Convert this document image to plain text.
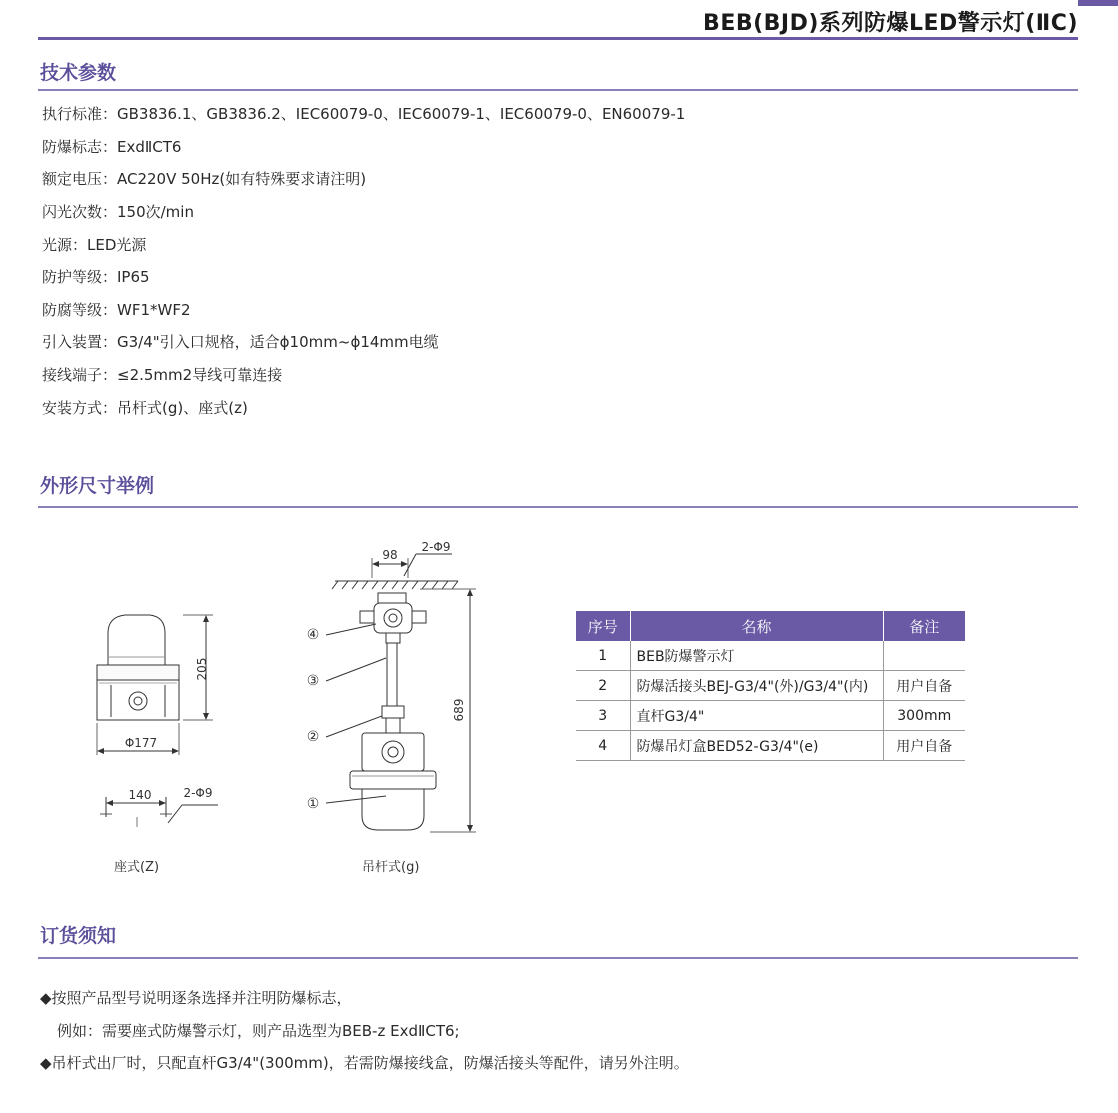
BEB(BJD)系列防爆LED警示灯(ⅡC)
技术参数
执行标准：GB3836.1、GB3836.2、IEC60079-0、IEC60079-1、IEC60079-0、EN60079-1
防爆标志：ExdⅡCT6
额定电压：AC220V 50Hz(如有特殊要求请注明)
闪光次数：150次/min
光源：LED光源
防护等级：IP65
防腐等级：WF1*WF2
引入装置：G3/4"引入口规格，适合ϕ10mm~ϕ14mm电缆
接线端子：≤2.5mm2导线可靠连接
安装方式：吊杆式(g)、座式(z)
外形尺寸举例
205
Φ177
140	2-Φ9
座式(Z)
98
2-Φ9
689
④
③
②
①
吊杆式(g)
序号	名称	备注
1	BEB防爆警示灯	
2	防爆活接头BEJ-G3/4"(外)/G3/4"(内)	用户自备
3	直杆G3/4"	300mm
4	防爆吊灯盒BED52-G3/4"(e)	用户自备
订货须知
◆按照产品型号说明逐条选择并注明防爆标志，
例如：需要座式防爆警示灯，则产品选型为BEB-z ExdⅡCT6;
◆吊杆式出厂时，只配直杆G3/4"(300mm)，若需防爆接线盒，防爆活接头等配件，请另外注明。
